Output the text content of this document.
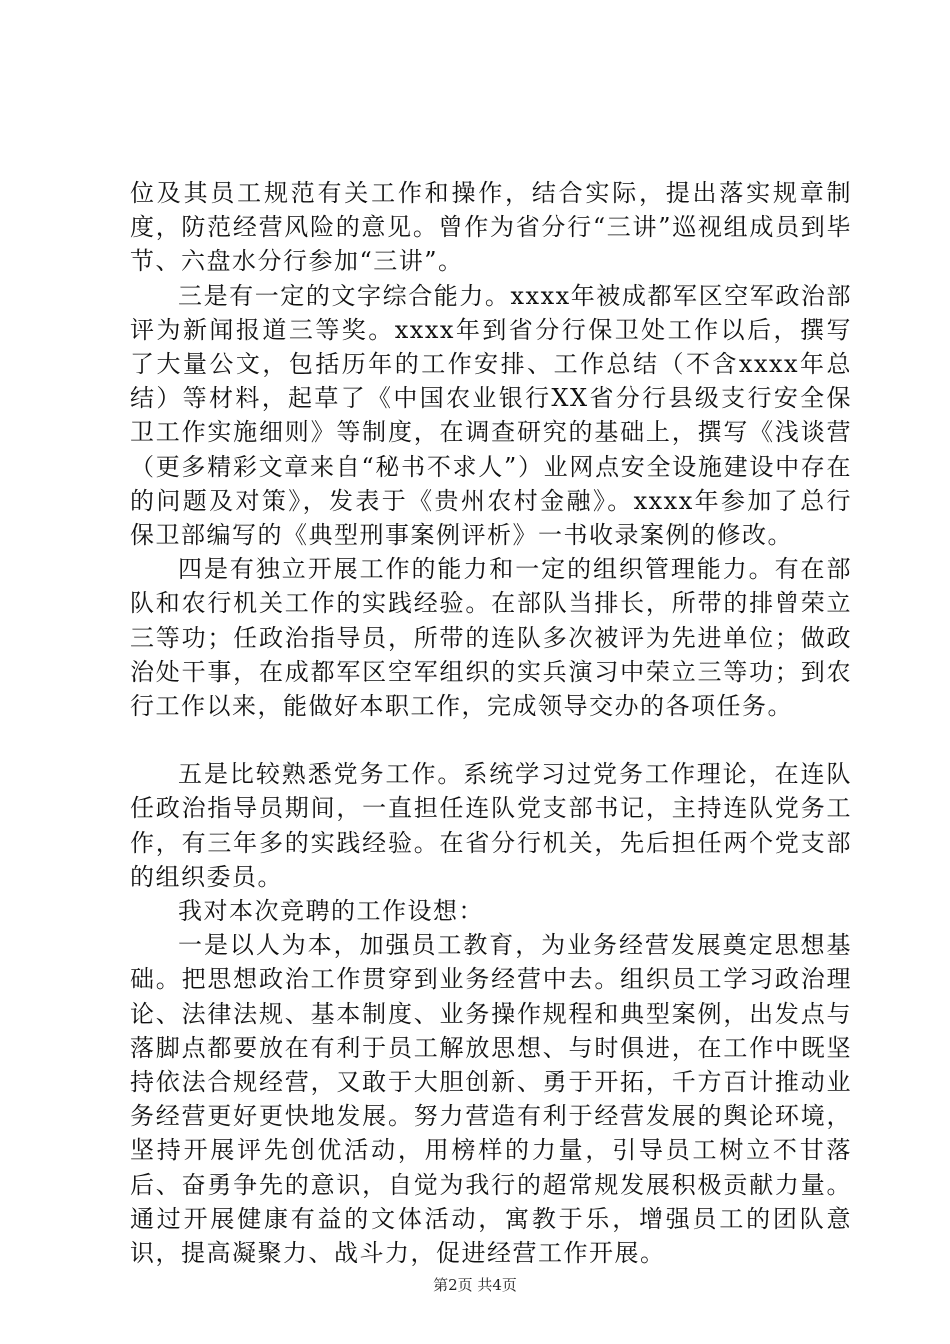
位及其员工规范有关工作和操作，结合实际，提出落实规章制度，防范经营风险的意见。曾作为省分行“三讲”巡视组成员到毕节、六盘水分行参加“三讲”。

三是有一定的文字综合能力。xxxx年被成都军区空军政治部评为新闻报道三等奖。xxxx年到省分行保卫处工作以后，撰写了大量公文，包括历年的工作安排、工作总结（不含xxxx年总结）等材料，起草了《中国农业银行XX省分行县级支行安全保卫工作实施细则》等制度，在调查研究的基础上，撰写《浅谈营（更多精彩文章来自“秘书不求人”）业网点安全设施建设中存在的问题及对策》，发表于《贵州农村金融》。xxxx年参加了总行保卫部编写的《典型刑事案例评析》一书收录案例的修改。

四是有独立开展工作的能力和一定的组织管理能力。有在部队和农行机关工作的实践经验。在部队当排长，所带的排曾荣立三等功；任政治指导员，所带的连队多次被评为先进单位；做政治处干事，在成都军区空军组织的实兵演习中荣立三等功；到农行工作以来，能做好本职工作，完成领导交办的各项任务。

五是比较熟悉党务工作。系统学习过党务工作理论，在连队任政治指导员期间，一直担任连队党支部书记，主持连队党务工作，有三年多的实践经验。在省分行机关，先后担任两个党支部的组织委员。

我对本次竞聘的工作设想：

一是以人为本，加强员工教育，为业务经营发展奠定思想基础。把思想政治工作贯穿到业务经营中去。组织员工学习政治理论、法律法规、基本制度、业务操作规程和典型案例，出发点与落脚点都要放在有利于员工解放思想、与时俱进，在工作中既坚持依法合规经营，又敢于大胆创新、勇于开拓，千方百计推动业务经营更好更快地发展。努力营造有利于经营发展的舆论环境，坚持开展评先创优活动，用榜样的力量，引导员工树立不甘落后、奋勇争先的意识，自觉为我行的超常规发展积极贡献力量。通过开展健康有益的文体活动，寓教于乐，增强员工的团队意识，提高凝聚力、战斗力，促进经营工作开展。

第2页 共4页
